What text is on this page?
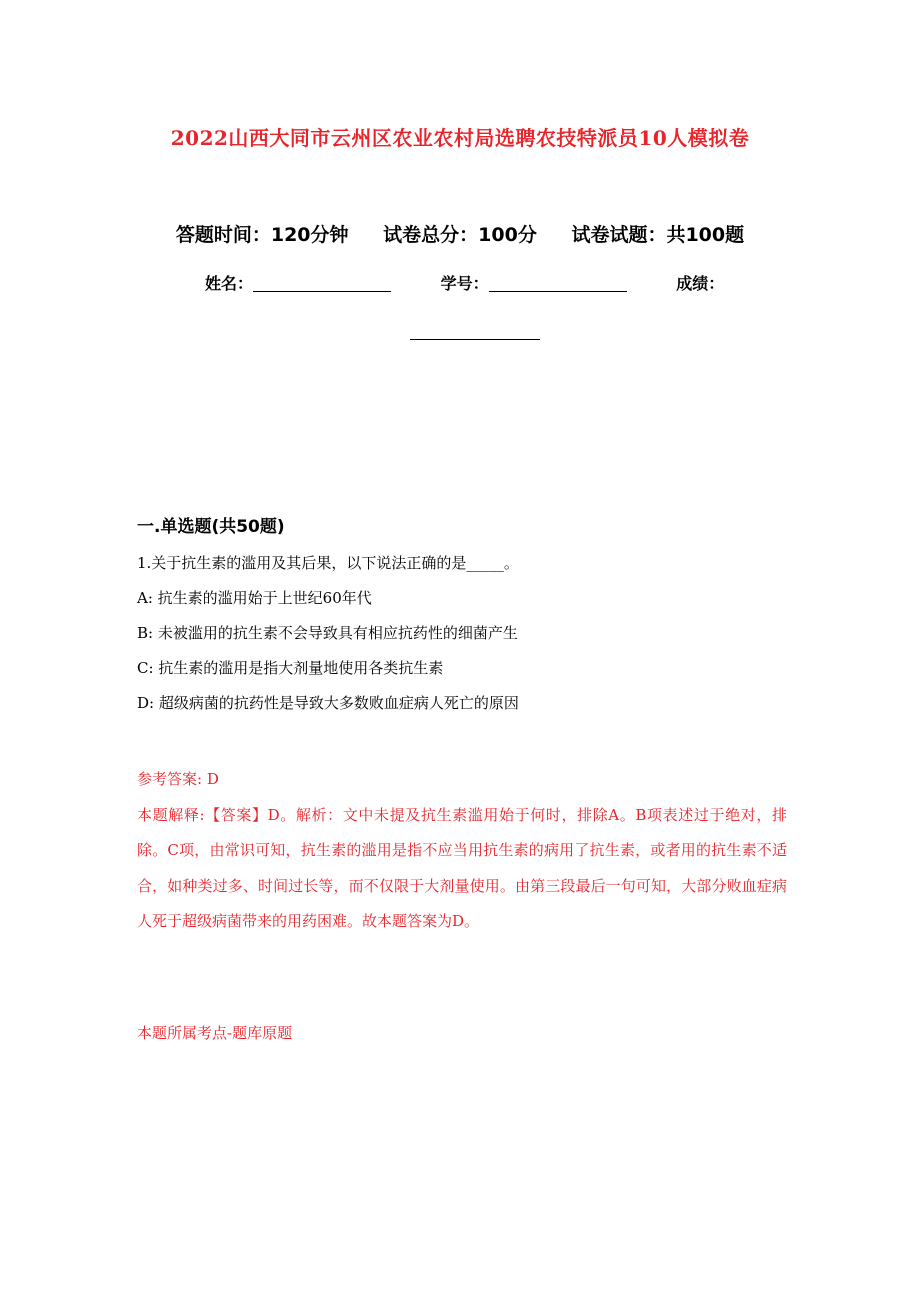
2022山西大同市云州区农业农村局选聘农技特派员10人模拟卷
答题时间：120分钟 试卷总分：100分 试卷试题：共100题
姓名：	学号：	成绩：
一.单选题(共50题)
1.关于抗生素的滥用及其后果，以下说法正确的是_____。
A: 抗生素的滥用始于上世纪60年代
B: 未被滥用的抗生素不会导致具有相应抗药性的细菌产生
C: 抗生素的滥用是指大剂量地使用各类抗生素
D: 超级病菌的抗药性是导致大多数败血症病人死亡的原因
参考答案: D
本题解释:【答案】D。解析：文中未提及抗生素滥用始于何时，排除A。B项表述过于绝对，排除。C项，由常识可知，抗生素的滥用是指不应当用抗生素的病用了抗生素，或者用的抗生素不适合，如种类过多、时间过长等，而不仅限于大剂量使用。由第三段最后一句可知，大部分败血症病人死于超级病菌带来的用药困难。故本题答案为D。
本题所属考点-题库原题
